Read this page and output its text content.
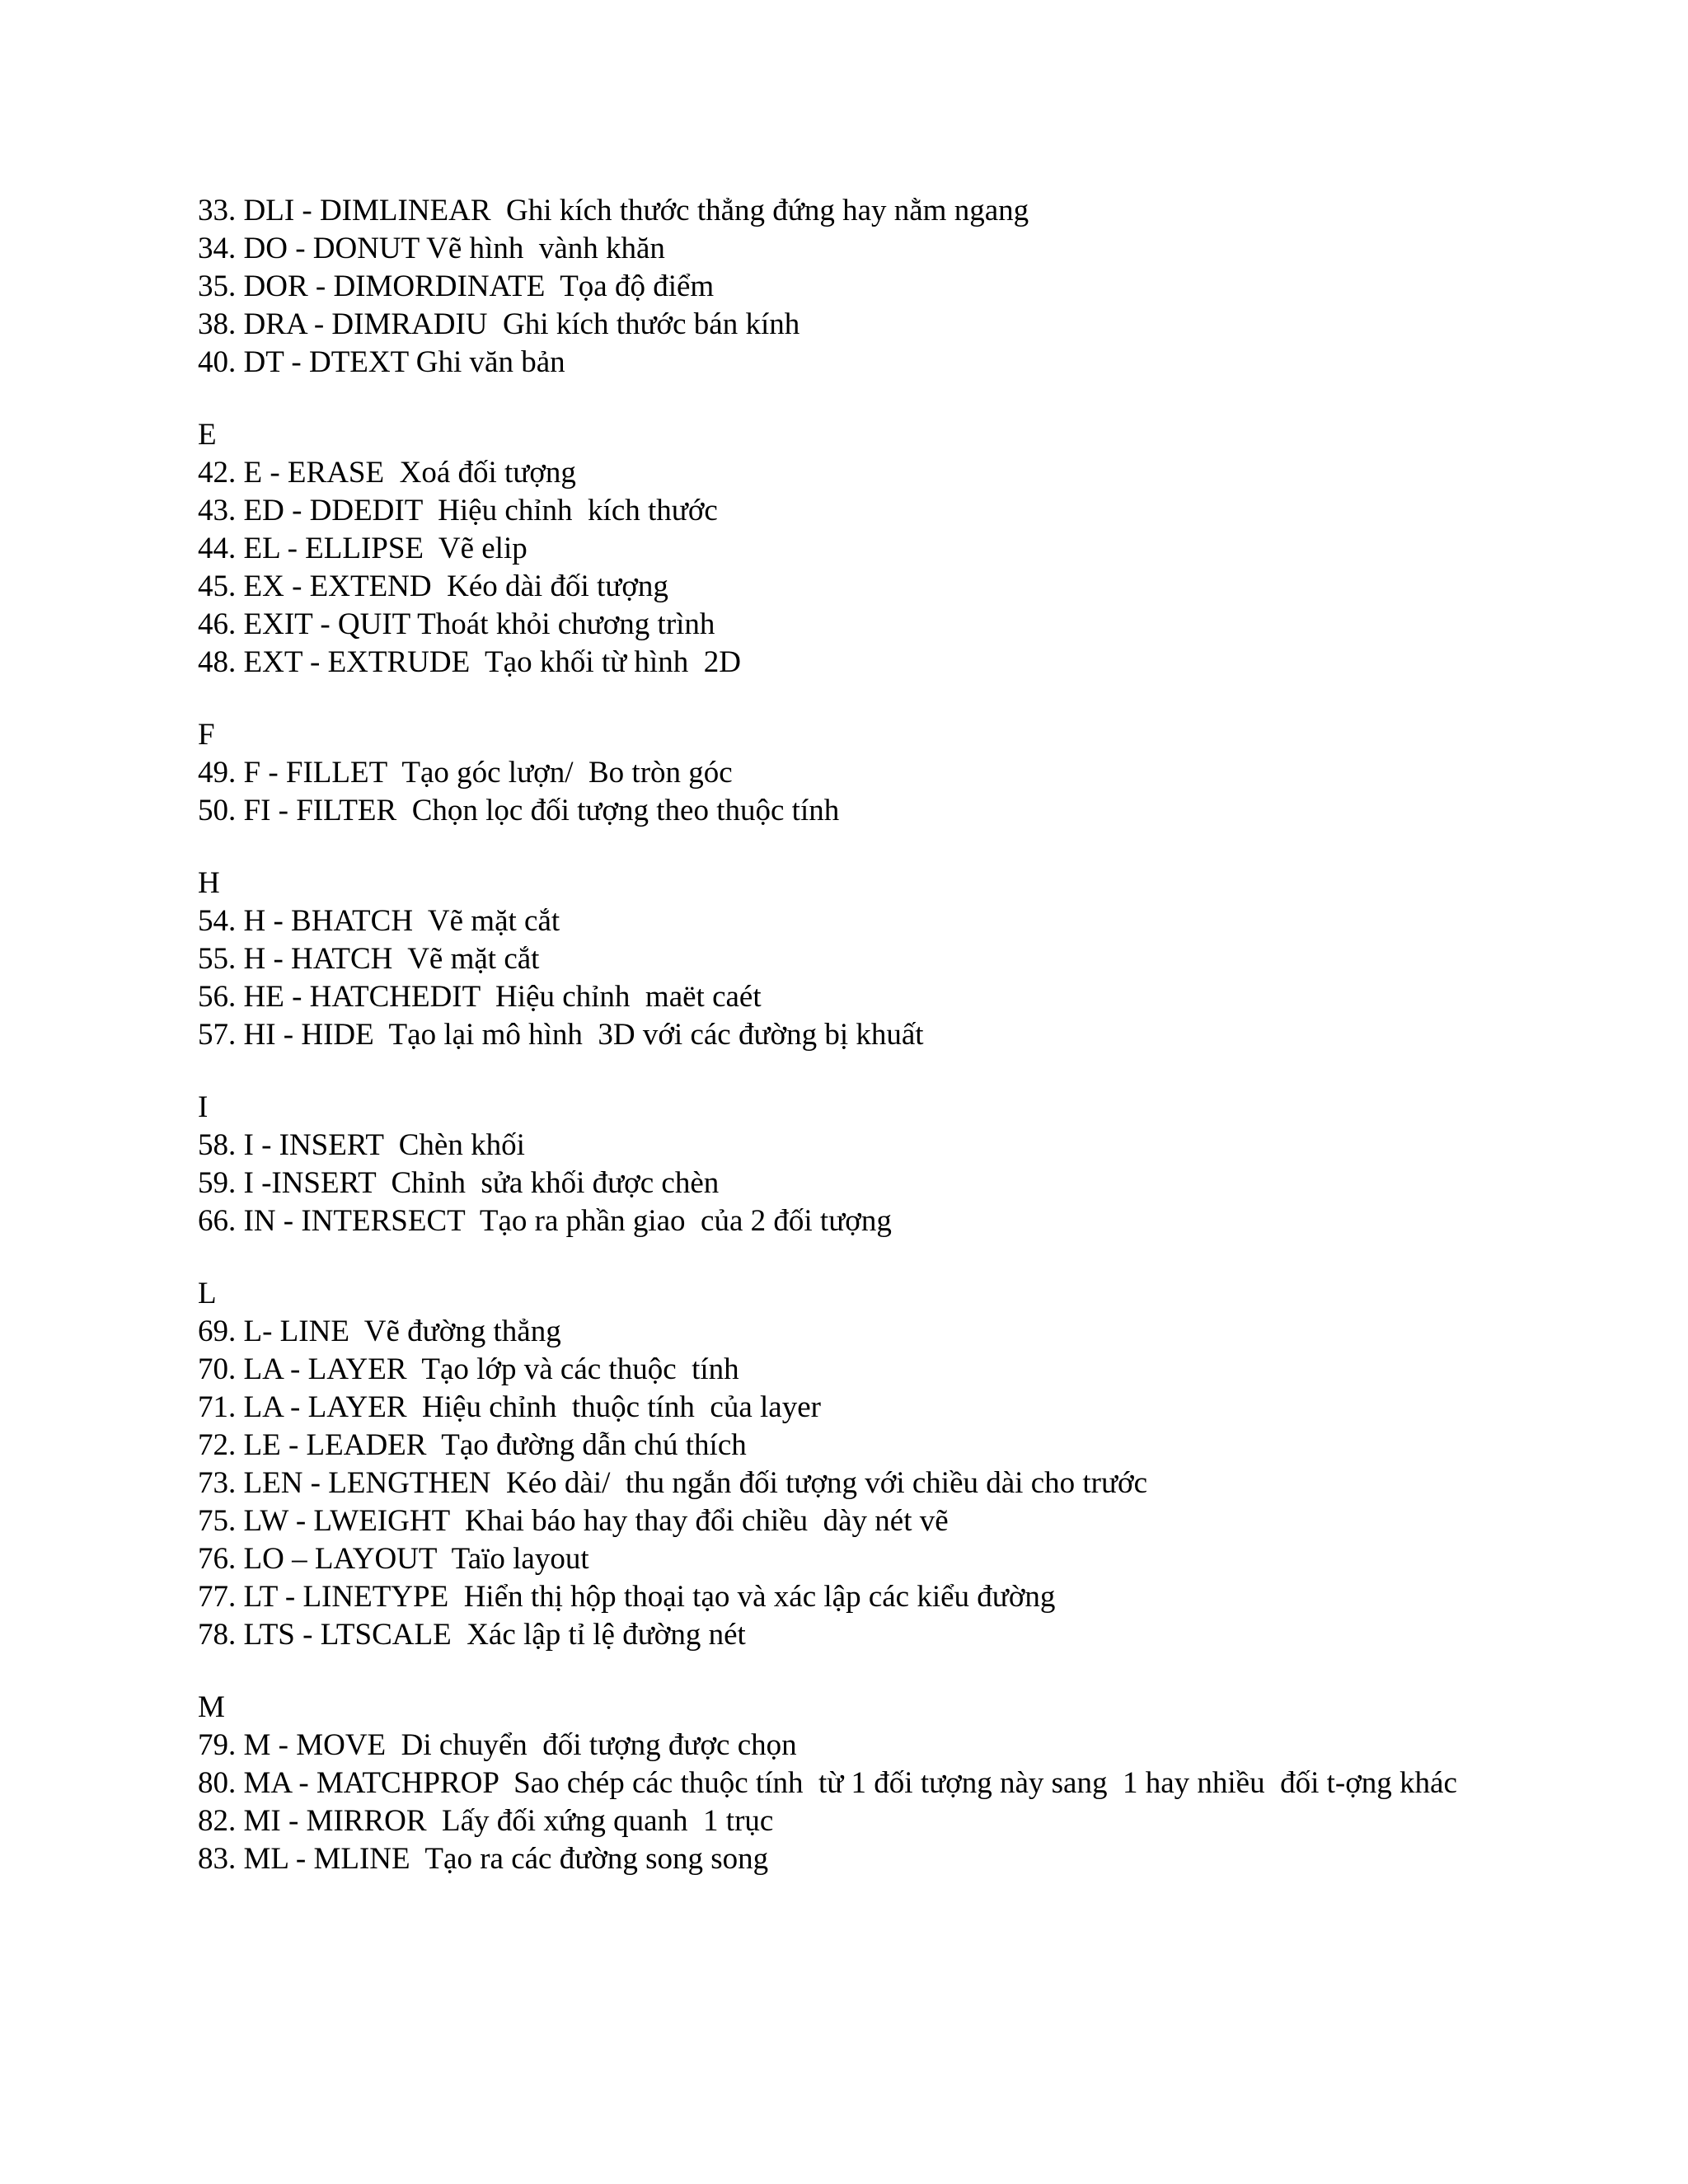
33. DLI - DIMLINEAR  Ghi kích thước thẳng đứng hay nằm ngang
34. DO - DONUT Vẽ hình  vành khăn
35. DOR - DIMORDINATE  Tọa độ điểm
38. DRA - DIMRADIU  Ghi kích thước bán kính
40. DT - DTEXT Ghi văn bản
E
42. E - ERASE  Xoá đối tượng
43. ED - DDEDIT  Hiệu chỉnh  kích thước
44. EL - ELLIPSE  Vẽ elip
45. EX - EXTEND  Kéo dài đối tượng
46. EXIT - QUIT Thoát khỏi chương trình
48. EXT - EXTRUDE  Tạo khối từ hình  2D
F
49. F - FILLET  Tạo góc lượn/  Bo tròn góc
50. FI - FILTER  Chọn lọc đối tượng theo thuộc tính
H
54. H - BHATCH  Vẽ mặt cắt
55. H - HATCH  Vẽ mặt cắt
56. HE - HATCHEDIT  Hiệu chỉnh  maët caét
57. HI - HIDE  Tạo lại mô hình  3D với các đường bị khuất
I
58. I - INSERT  Chèn khối
59. I -INSERT  Chỉnh  sửa khối được chèn
66. IN - INTERSECT  Tạo ra phần giao  của 2 đối tượng
L
69. L- LINE  Vẽ đường thẳng
70. LA - LAYER  Tạo lớp và các thuộc  tính
71. LA - LAYER  Hiệu chỉnh  thuộc tính  của layer
72. LE - LEADER  Tạo đường dẫn chú thích
73. LEN - LENGTHEN  Kéo dài/  thu ngắn đối tượng với chiều dài cho trước
75. LW - LWEIGHT  Khai báo hay thay đổi chiều  dày nét vẽ
76. LO – LAYOUT  Taïo layout
77. LT - LINETYPE  Hiển thị hộp thoại tạo và xác lập các kiểu đường
78. LTS - LTSCALE  Xác lập tỉ lệ đường nét
M
79. M - MOVE  Di chuyển  đối tượng được chọn
80. MA - MATCHPROP  Sao chép các thuộc tính  từ 1 đối tượng này sang  1 hay nhiều  đối t-ợng khác
82. MI - MIRROR  Lấy đối xứng quanh  1 trục
83. ML - MLINE  Tạo ra các đường song song
